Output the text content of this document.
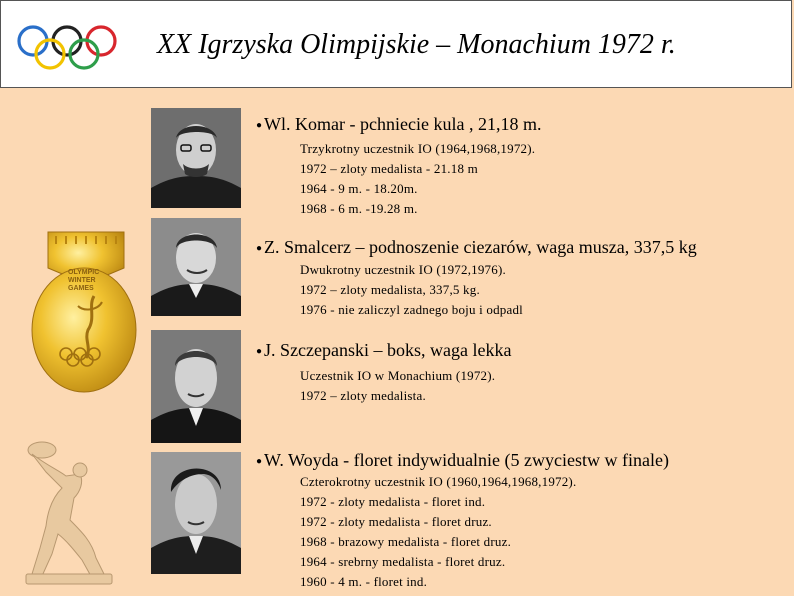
XX Igrzyska Olimpijskie – Monachium 1972 r.
OLYMPIC
WINTER
GAMES
● Wl. Komar - pchniecie kula , 21,18 m.
Trzykrotny uczestnik IO (1964,1968,1972).
1972 – zloty medalista - 21.18 m
1964 - 9 m. - 18.20m.
1968 - 6 m. -19.28 m.
● Z. Smalcerz – podnoszenie ciezarów, waga musza, 337,5 kg
Dwukrotny uczestnik IO (1972,1976).
1972 – zloty medalista, 337,5 kg.
1976 - nie zaliczyl zadnego boju i odpadl
● J. Szczepanski – boks, waga lekka
Uczestnik IO w Monachium (1972).
1972 – zloty medalista.
● W. Woyda - floret indywidualnie (5 zwyciestw w finale)
Czterokrotny uczestnik IO (1960,1964,1968,1972).
1972 - zloty medalista - floret ind.
1972 - zloty medalista - floret druz.
1968 - brazowy medalista - floret druz.
1964 - srebrny medalista - floret druz.
1960 - 4 m. - floret ind.
